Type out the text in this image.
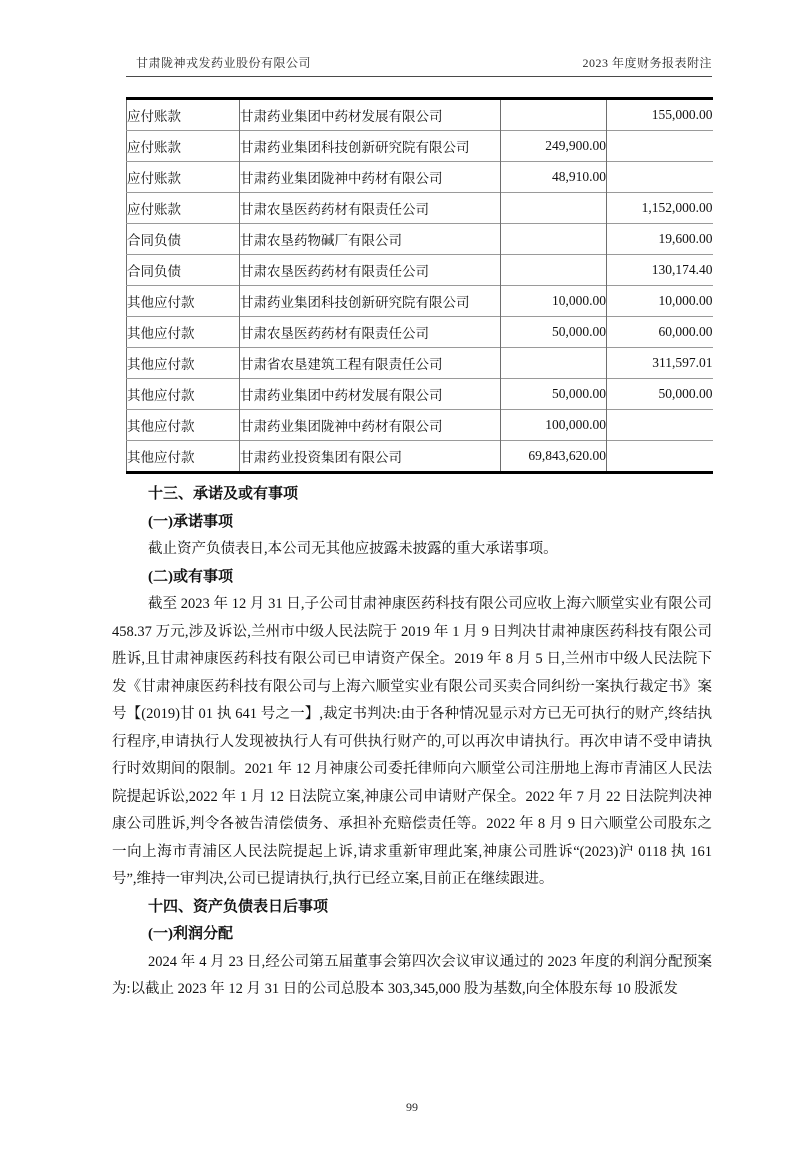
甘肃陇神戎发药业股份有限公司	2023 年度财务报表附注
应付账款	甘肃药业集团中药材发展有限公司		155,000.00
应付账款	甘肃药业集团科技创新研究院有限公司	249,900.00	
应付账款	甘肃药业集团陇神中药材有限公司	48,910.00	
应付账款	甘肃农垦医药药材有限责任公司		1,152,000.00
合同负债	甘肃农垦药物碱厂有限公司		19,600.00
合同负债	甘肃农垦医药药材有限责任公司		130,174.40
其他应付款	甘肃药业集团科技创新研究院有限公司	10,000.00	10,000.00
其他应付款	甘肃农垦医药药材有限责任公司	50,000.00	60,000.00
其他应付款	甘肃省农垦建筑工程有限责任公司		311,597.01
其他应付款	甘肃药业集团中药材发展有限公司	50,000.00	50,000.00
其他应付款	甘肃药业集团陇神中药材有限公司	100,000.00	
其他应付款	甘肃药业投资集团有限公司	69,843,620.00	

十三、承诺及或有事项

(一)承诺事项

截止资产负债表日,本公司无其他应披露未披露的重大承诺事项。

(二)或有事项

截至 2023 年 12 月 31 日,子公司甘肃神康医药科技有限公司应收上海六顺堂实业有限公司 458.37 万元,涉及诉讼,兰州市中级人民法院于 2019 年 1 月 9 日判决甘肃神康医药科技有限公司胜诉,且甘肃神康医药科技有限公司已申请资产保全。2019 年 8 月 5 日,兰州市中级人民法院下发《甘肃神康医药科技有限公司与上海六顺堂实业有限公司买卖合同纠纷一案执行裁定书》案号【(2019)甘 01 执 641 号之一】,裁定书判决:由于各种情况显示对方已无可执行的财产,终结执行程序,申请执行人发现被执行人有可供执行财产的,可以再次申请执行。再次申请不受申请执行时效期间的限制。2021 年 12 月神康公司委托律师向六顺堂公司注册地上海市青浦区人民法院提起诉讼,2022 年 1 月 12 日法院立案,神康公司申请财产保全。2022 年 7 月 22 日法院判决神康公司胜诉,判令各被告清偿债务、承担补充赔偿责任等。2022 年 8 月 9 日六顺堂公司股东之一向上海市青浦区人民法院提起上诉,请求重新审理此案,神康公司胜诉“(2023)沪 0118 执 161 号”,维持一审判决,公司已提请执行,执行已经立案,目前正在继续跟进。

十四、资产负债表日后事项

(一)利润分配

2024 年 4 月 23 日,经公司第五届董事会第四次会议审议通过的 2023 年度的利润分配预案为:以截止 2023 年 12 月 31 日的公司总股本 303,345,000 股为基数,向全体股东每 10 股派发

99
